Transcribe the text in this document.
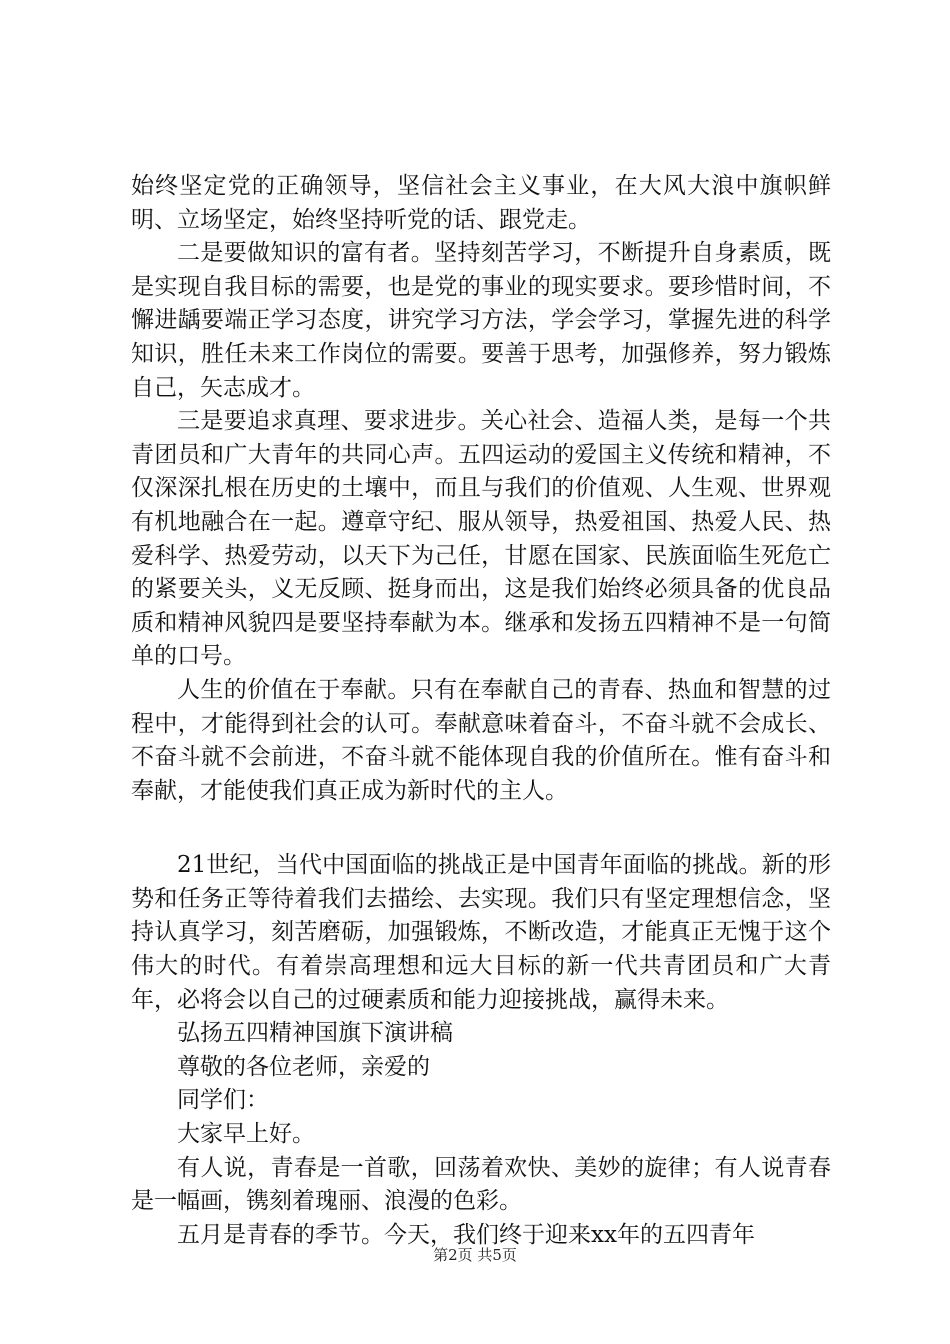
始终坚定党的正确领导，坚信社会主义事业，在大风大浪中旗帜鲜明、立场坚定，始终坚持听党的话、跟党走。

二是要做知识的富有者。坚持刻苦学习，不断提升自身素质，既是实现自我目标的需要，也是党的事业的现实要求。要珍惜时间，不懈进龋要端正学习态度，讲究学习方法，学会学习，掌握先进的科学知识，胜任未来工作岗位的需要。要善于思考，加强修养，努力锻炼自己，矢志成才。

三是要追求真理、要求进步。关心社会、造福人类，是每一个共青团员和广大青年的共同心声。五四运动的爱国主义传统和精神，不仅深深扎根在历史的土壤中，而且与我们的价值观、人生观、世界观有机地融合在一起。遵章守纪、服从领导，热爱祖国、热爱人民、热爱科学、热爱劳动，以天下为己任，甘愿在国家、民族面临生死危亡的紧要关头，义无反顾、挺身而出，这是我们始终必须具备的优良品质和精神风貌四是要坚持奉献为本。继承和发扬五四精神不是一句简单的口号。

人生的价值在于奉献。只有在奉献自己的青春、热血和智慧的过程中，才能得到社会的认可。奉献意味着奋斗，不奋斗就不会成长、不奋斗就不会前进，不奋斗就不能体现自我的价值所在。惟有奋斗和奉献，才能使我们真正成为新时代的主人。

21世纪，当代中国面临的挑战正是中国青年面临的挑战。新的形势和任务正等待着我们去描绘、去实现。我们只有坚定理想信念，坚持认真学习，刻苦磨砺，加强锻炼，不断改造，才能真正无愧于这个伟大的时代。有着崇高理想和远大目标的新一代共青团员和广大青年，必将会以自己的过硬素质和能力迎接挑战，赢得未来。

弘扬五四精神国旗下演讲稿

尊敬的各位老师，亲爱的

同学们：

大家早上好。

有人说，青春是一首歌，回荡着欢快、美妙的旋律；有人说青春是一幅画，镌刻着瑰丽、浪漫的色彩。

五月是青春的季节。今天，我们终于迎来xx年的五四青年

第2页 共5页
